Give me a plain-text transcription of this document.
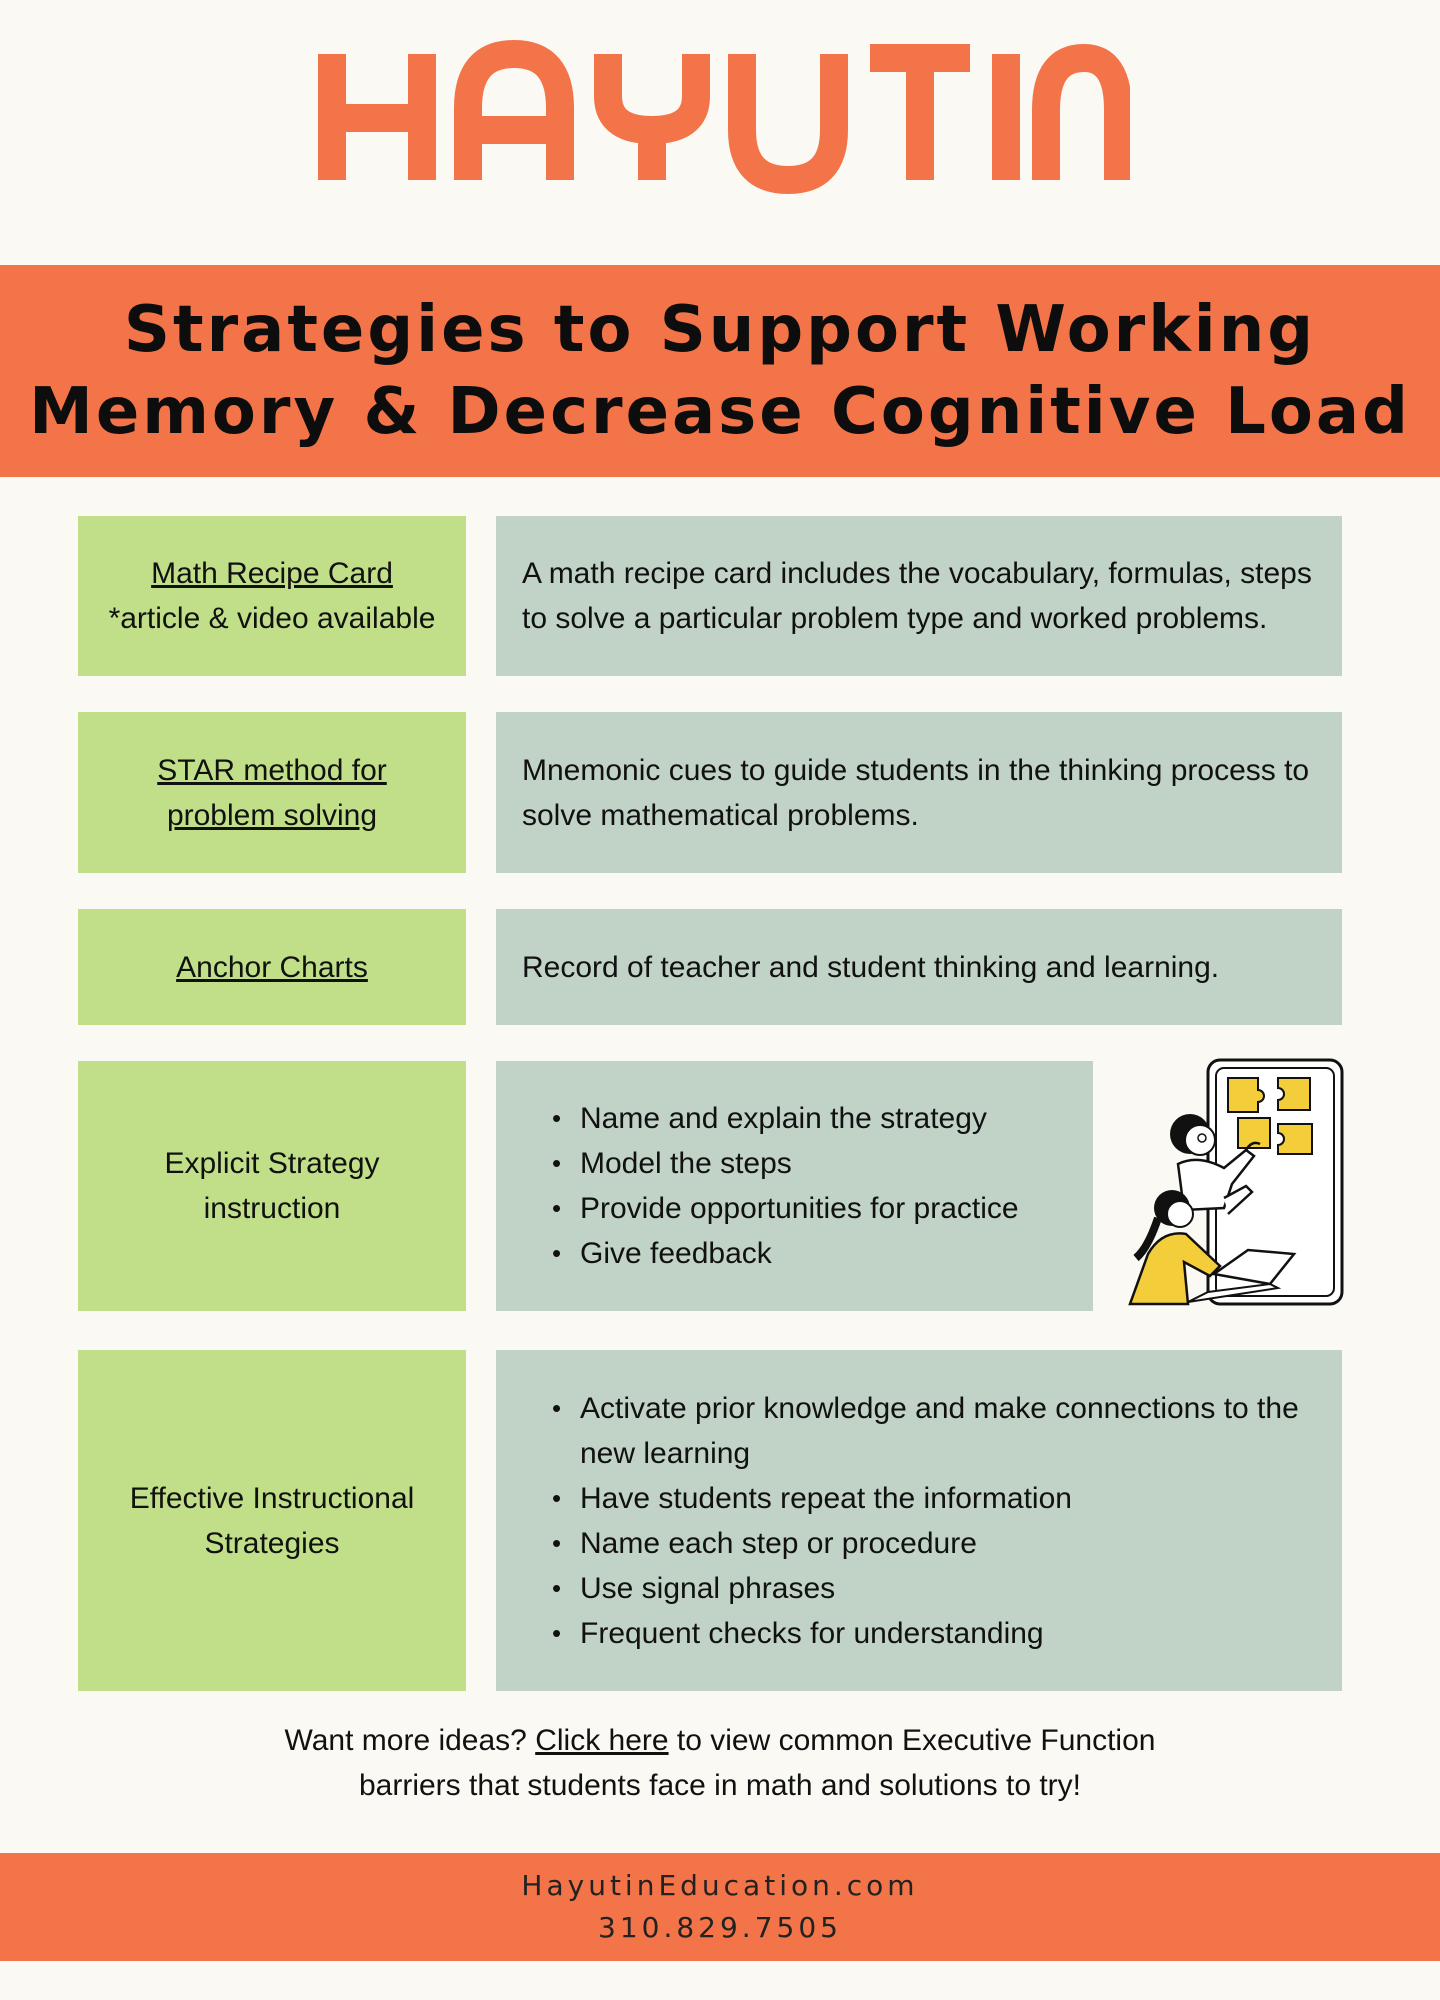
Strategies to Support Working
Memory & Decrease Cognitive Load
Math Recipe Card
*article & video available
A math recipe card includes the vocabulary, formulas, steps
to solve a particular problem type and worked problems.
STAR method for
problem solving
Mnemonic cues to guide students in the thinking process to
solve mathematical problems.
Anchor Charts	Record of teacher and student thinking and learning.
Explicit Strategy
instruction
• Name and explain the strategy
• Model the steps
• Provide opportunities for practice
• Give feedback
Effective Instructional
Strategies
• Activate prior knowledge and make connections to the
new learning
• Have students repeat the information
• Name each step or procedure
• Use signal phrases
• Frequent checks for understanding
Want more ideas? Click here to view common Executive Function
barriers that students face in math and solutions to try!
HayutinEducation.com
310.829.7505
